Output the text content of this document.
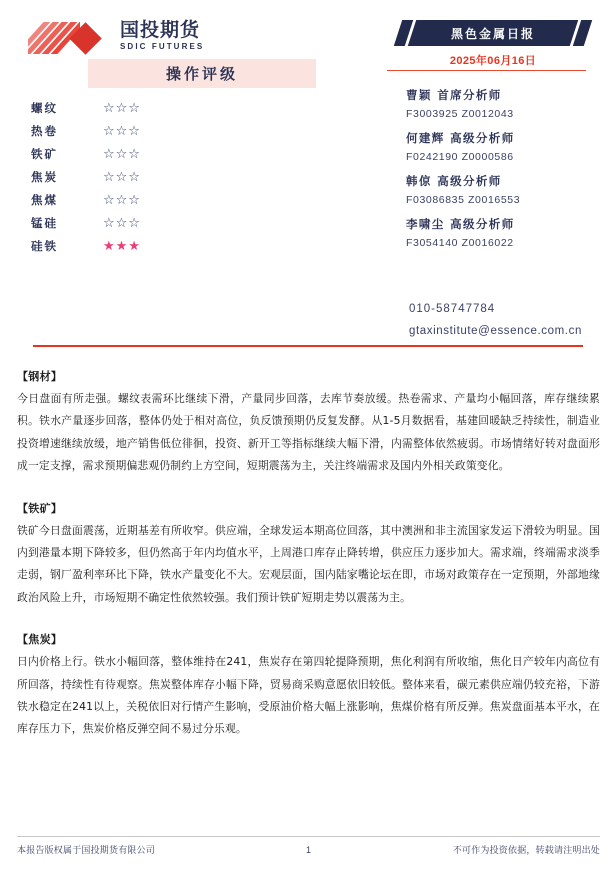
国投期货
SDIC FUTURES
操作评级
螺纹	☆☆☆
热卷	☆☆☆
铁矿	☆☆☆
焦炭	☆☆☆
焦煤	☆☆☆
锰硅	☆☆☆
硅铁	★★★
黑色金属日报
2025年06月16日
曹颖 首席分析师
F3003925 Z0012043
何建辉 高级分析师
F0242190 Z0000586
韩倞 高级分析师
F03086835 Z0016553
李啸尘 高级分析师
F3054140 Z0016022
010-58747784
gtaxinstitute@essence.com.cn
【钢材】
今日盘面有所走强。螺纹表需环比继续下滑，产量同步回落，去库节奏放缓。热卷需求、产量均小幅回落，库存继续累积。铁水产量逐步回落，整体仍处于相对高位，负反馈预期仍反复发酵。从1-5月数据看，基建回暖缺乏持续性，制造业投资增速继续放缓，地产销售低位徘徊，投资、新开工等指标继续大幅下滑，内需整体依然疲弱。市场情绪好转对盘面形成一定支撑，需求预期偏悲观仍制约上方空间，短期震荡为主，关注终端需求及国内外相关政策变化。
【铁矿】
铁矿今日盘面震荡，近期基差有所收窄。供应端，全球发运本期高位回落，其中澳洲和非主流国家发运下滑较为明显。国内到港量本期下降较多，但仍然高于年内均值水平，上周港口库存止降转增，供应压力逐步加大。需求端，终端需求淡季走弱，钢厂盈利率环比下降，铁水产量变化不大。宏观层面，国内陆家嘴论坛在即，市场对政策存在一定预期，外部地缘政治风险上升，市场短期不确定性依然较强。我们预计铁矿短期走势以震荡为主。
【焦炭】
日内价格上行。铁水小幅回落，整体维持在241，焦炭存在第四轮提降预期，焦化利润有所收缩，焦化日产较年内高位有所回落，持续性有待观察。焦炭整体库存小幅下降，贸易商采购意愿依旧较低。整体来看，碳元素供应端仍较充裕，下游铁水稳定在241以上，关税依旧对行情产生影响，受原油价格大幅上涨影响，焦煤价格有所反弹。焦炭盘面基本平水，在库存压力下，焦炭价格反弹空间不易过分乐观。
本报告版权属于国投期货有限公司	1	不可作为投资依据，转载请注明出处
